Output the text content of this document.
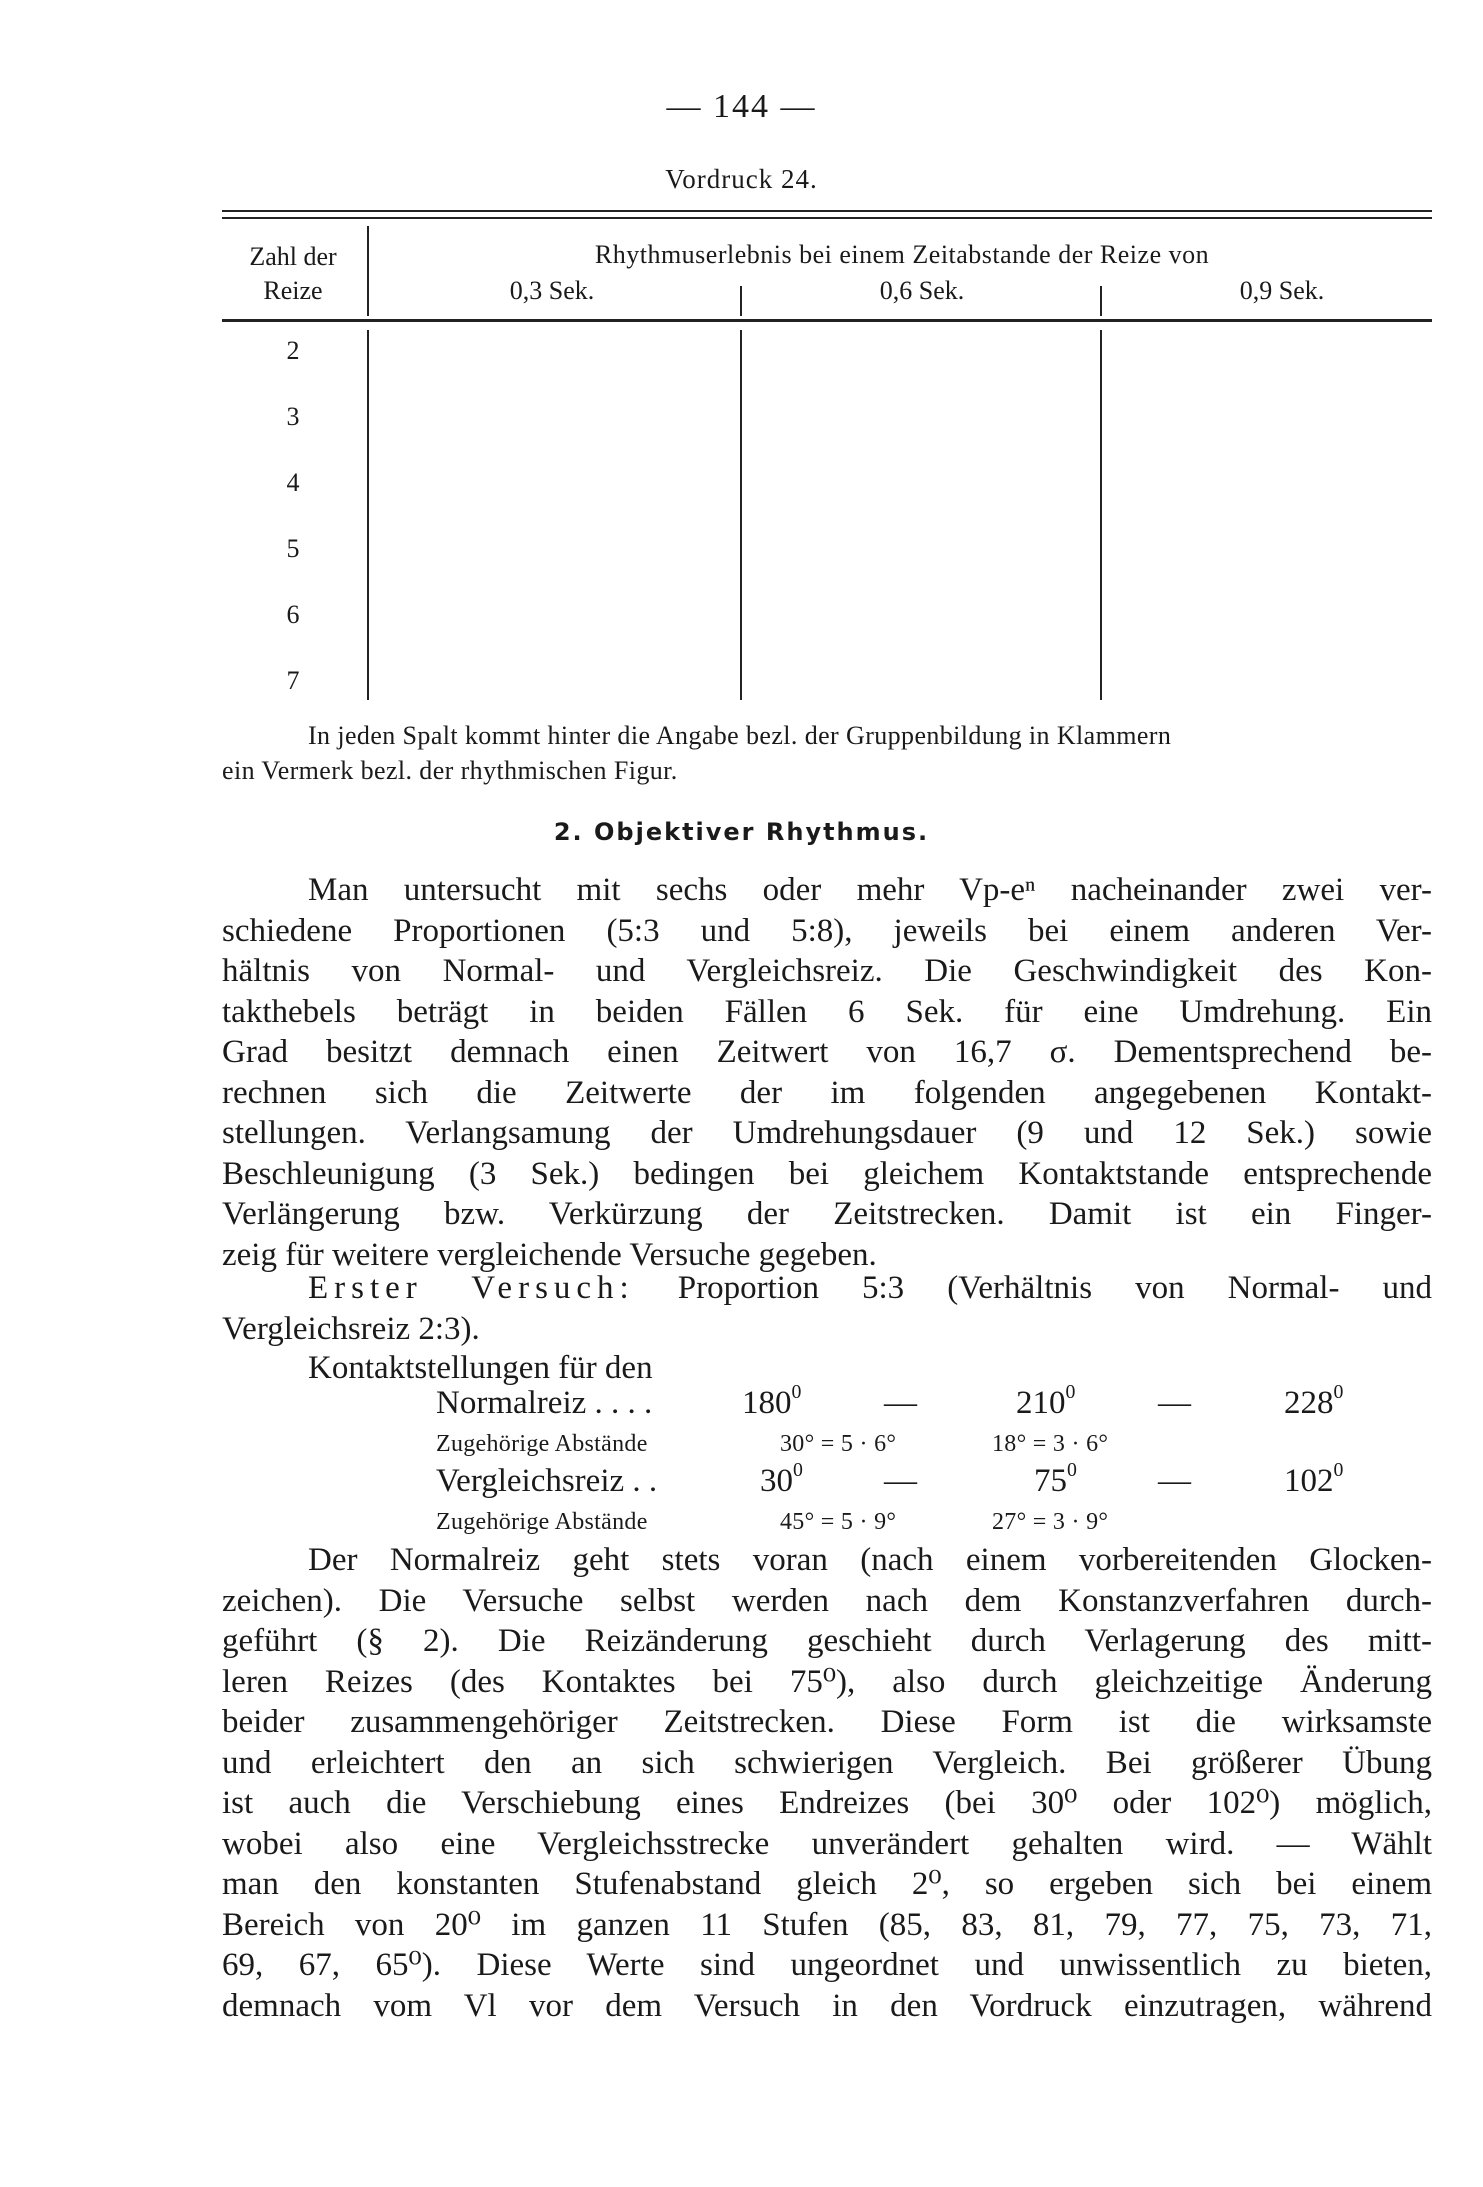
— 144 —
Vordruck 24.
Zahl der
Reize
Rhythmuserlebnis bei einem Zeitabstande der Reize von
0,3 Sek.	0,6 Sek.	0,9 Sek.
2
3
4
5
6
7
In jeden Spalt kommt hinter die Angabe bezl. der Gruppenbildung in Klammern
ein Vermerk bezl. der rhythmischen Figur.
2. Objektiver Rhythmus.
Man untersucht mit sechs oder mehr Vp-eⁿ nacheinander zwei ver-
schiedene Proportionen (5:3 und 5:8), jeweils bei einem anderen Ver-
hältnis von Normal- und Vergleichsreiz. Die Geschwindigkeit des Kon-
takthebels beträgt in beiden Fällen 6 Sek. für eine Umdrehung. Ein
Grad besitzt demnach einen Zeitwert von 16,7 σ. Dementsprechend be-
rechnen sich die Zeitwerte der im folgenden angegebenen Kontakt-
stellungen. Verlangsamung der Umdrehungsdauer (9 und 12 Sek.) sowie
Beschleunigung (3 Sek.) bedingen bei gleichem Kontaktstande entsprechende
Verlängerung bzw. Verkürzung der Zeitstrecken. Damit ist ein Finger-
zeig für weitere vergleichende Versuche gegeben.
Erster Versuch: Proportion 5:3 (Verhältnis von Normal- und
Vergleichsreiz 2:3).
Kontaktstellungen für den
Normalreiz . . . .	$180^0$	—	$210^0$	—	$228^0$
Zugehörige Abstände	30° = 5 · 6°	18° = 3 · 6°
Vergleichsreiz . .	$30^0$ —	$75^0$ —	$102^0$
Zugehörige Abstände	45° = 5 · 9°	27° = 3 · 9°
Der Normalreiz geht stets voran (nach einem vorbereitenden Glocken-
zeichen). Die Versuche selbst werden nach dem Konstanzverfahren durch-
geführt (§ 2). Die Reizänderung geschieht durch Verlagerung des mitt-
leren Reizes (des Kontaktes bei 75⁰), also durch gleichzeitige Änderung
beider zusammengehöriger Zeitstrecken. Diese Form ist die wirksamste
und erleichtert den an sich schwierigen Vergleich. Bei größerer Übung
ist auch die Verschiebung eines Endreizes (bei 30⁰ oder 102⁰) möglich,
wobei also eine Vergleichsstrecke unverändert gehalten wird. — Wählt
man den konstanten Stufenabstand gleich 2⁰, so ergeben sich bei einem
Bereich von 20⁰ im ganzen 11 Stufen (85, 83, 81, 79, 77, 75, 73, 71,
69, 67, 65⁰). Diese Werte sind ungeordnet und unwissentlich zu bieten,
demnach vom Vl vor dem Versuch in den Vordruck einzutragen, während
